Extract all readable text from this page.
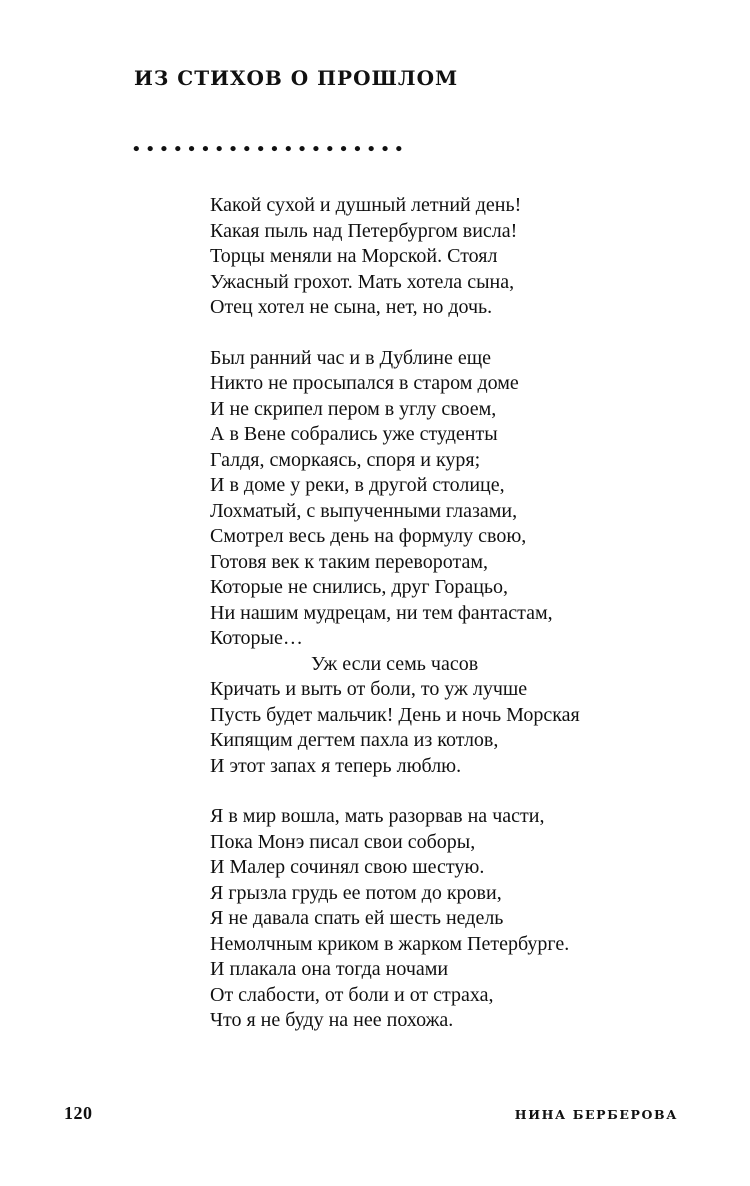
ИЗ СТИХОВ О ПРОШЛОМ
••••••••••••••••••••
Какой сухой и душный летний день!
Какая пыль над Петербургом висла!
Торцы меняли на Морской. Стоял
Ужасный грохот. Мать хотела сына,
Отец хотел не сына, нет, но дочь.
Был ранний час и в Дублине еще
Никто не просыпался в старом доме
И не скрипел пером в углу своем,
А в Вене собрались уже студенты
Галдя, сморкаясь, споря и куря;
И в доме у реки, в другой столице,
Лохматый, с выпученными глазами,
Смотрел весь день на формулу свою,
Готовя век к таким переворотам,
Которые не снились, друг Горацьо,
Ни нашим мудрецам, ни тем фантастам,
Которые…
Уж если семь часов
Кричать и выть от боли, то уж лучше
Пусть будет мальчик! День и ночь Морская
Кипящим дегтем пахла из котлов,
И этот запах я теперь люблю.
Я в мир вошла, мать разорвав на части,
Пока Монэ писал свои соборы,
И Малер сочинял свою шестую.
Я грызла грудь ее потом до крови,
Я не давала спать ей шесть недель
Немолчным криком в жарком Петербурге.
И плакала она тогда ночами
От слабости, от боли и от страха,
Что я не буду на нее похожа.
120	НИНА БЕРБЕРОВА
